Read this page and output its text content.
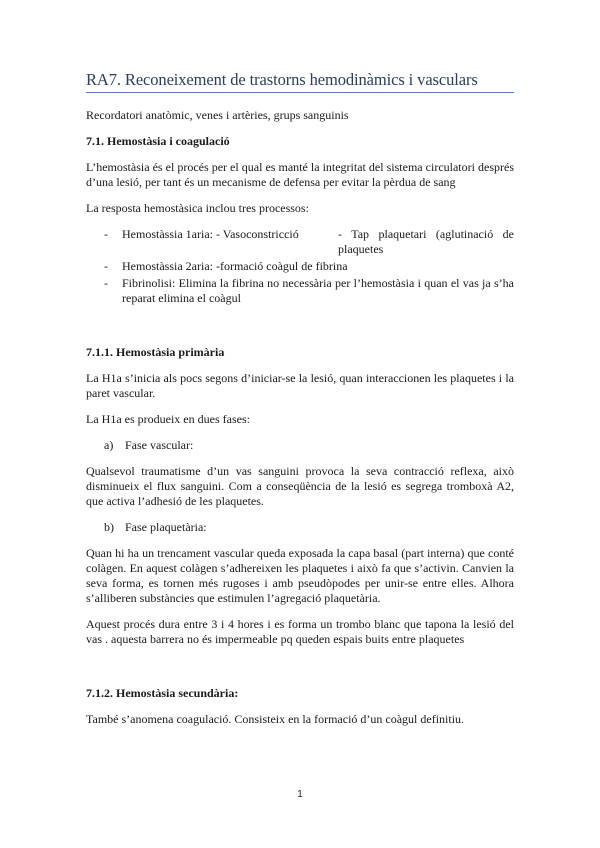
RA7. Reconeixement de trastorns hemodinàmics i vasculars

Recordatori anatòmic, venes i artèries, grups sanguinis

7.1. Hemostàsia i coagulació

L’hemostàsia és el procés per el qual es manté la integritat del sistema circulatori després d’una lesió, per tant és un mecanisme de defensa per evitar la pèrdua de sang

La resposta hemostàsica inclou tres processos:

- Hemostàssia 1aria: - Vasoconstricció	- Tap plaquetari (aglutinació de plaquetes
- Hemostàssia 2aria: -formació coàgul de fibrina
- Fibrinolisi: Elimina la fibrina no necessària per l’hemostàsia i quan el vas ja s’ha reparat elimina el coàgul
7.1.1. Hemostàsia primària

La H1a s’inicia als pocs segons d’iniciar-se la lesió, quan interaccionen les plaquetes i la paret vascular.

La H1a es produeix en dues fases:

a) Fase vascular:

Qualsevol traumatisme d’un vas sanguini provoca la seva contracció reflexa, això disminueix el flux sanguini. Com a conseqüència de la lesió es segrega tromboxà A2, que activa l’adhesió de les plaquetes.

b) Fase plaquetària:

Quan hi ha un trencament vascular queda exposada la capa basal (part interna) que conté colàgen. En aquest colàgen s’adhereixen les plaquetes i això fa que s’activin. Canvien la seva forma, es tornen més rugoses i amb pseudòpodes per unir-se entre elles. Alhora s’alliberen substàncies que estimulen l’agregació plaquetària.

Aquest procés dura entre 3 i 4 hores i es forma un trombo blanc que tapona la lesió del vas . aquesta barrera no és impermeable pq queden espais buits entre plaquetes

7.1.2. Hemostàsia secundària:

També s’anomena coagulació. Consisteix en la formació d’un coàgul definitiu.

1
